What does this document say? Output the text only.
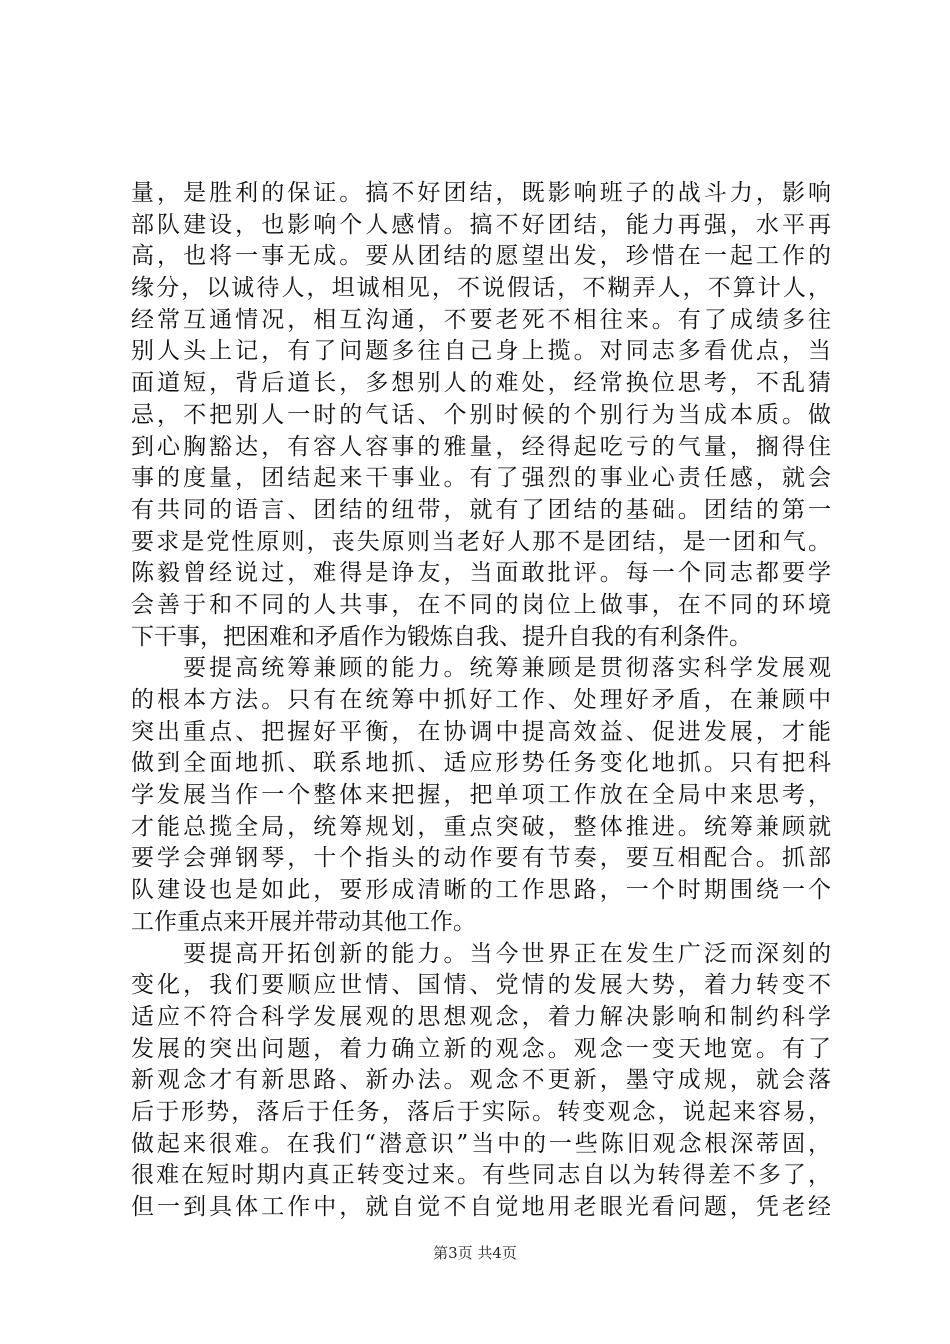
量，是胜利的保证。搞不好团结，既影响班子的战斗力，影响
部队建设，也影响个人感情。搞不好团结，能力再强，水平再
高，也将一事无成。要从团结的愿望出发，珍惜在一起工作的
缘分，以诚待人，坦诚相见，不说假话，不糊弄人，不算计人，
经常互通情况，相互沟通，不要老死不相往来。有了成绩多往
别人头上记，有了问题多往自己身上揽。对同志多看优点，当
面道短，背后道长，多想别人的难处，经常换位思考，不乱猜
忌，不把别人一时的气话、个别时候的个别行为当成本质。做
到心胸豁达，有容人容事的雅量，经得起吃亏的气量，搁得住
事的度量，团结起来干事业。有了强烈的事业心责任感，就会
有共同的语言、团结的纽带，就有了团结的基础。团结的第一
要求是党性原则，丧失原则当老好人那不是团结，是一团和气。
陈毅曾经说过，难得是诤友，当面敢批评。每一个同志都要学
会善于和不同的人共事，在不同的岗位上做事，在不同的环境
下干事，把困难和矛盾作为锻炼自我、提升自我的有利条件。
　　要提高统筹兼顾的能力。统筹兼顾是贯彻落实科学发展观
的根本方法。只有在统筹中抓好工作、处理好矛盾，在兼顾中
突出重点、把握好平衡，在协调中提高效益、促进发展，才能
做到全面地抓、联系地抓、适应形势任务变化地抓。只有把科
学发展当作一个整体来把握，把单项工作放在全局中来思考，
才能总揽全局，统筹规划，重点突破，整体推进。统筹兼顾就
要学会弹钢琴，十个指头的动作要有节奏，要互相配合。抓部
队建设也是如此，要形成清晰的工作思路，一个时期围绕一个
工作重点来开展并带动其他工作。
　　要提高开拓创新的能力。当今世界正在发生广泛而深刻的
变化，我们要顺应世情、国情、党情的发展大势，着力转变不
适应不符合科学发展观的思想观念，着力解决影响和制约科学
发展的突出问题，着力确立新的观念。观念一变天地宽。有了
新观念才有新思路、新办法。观念不更新，墨守成规，就会落
后于形势，落后于任务，落后于实际。转变观念，说起来容易，
做起来很难。在我们“潜意识”当中的一些陈旧观念根深蒂固，
很难在短时期内真正转变过来。有些同志自以为转得差不多了，
但一到具体工作中，就自觉不自觉地用老眼光看问题，凭老经
第3页 共4页
